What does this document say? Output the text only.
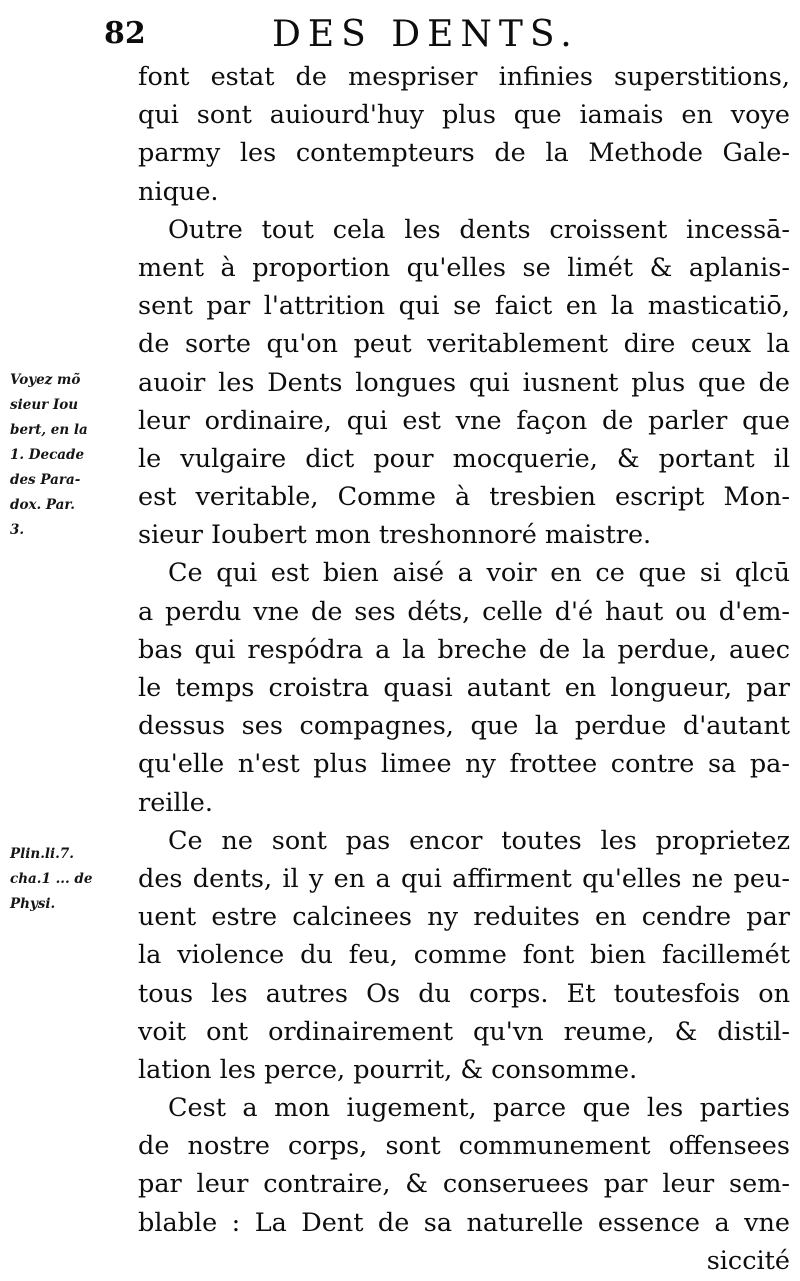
82	DES DENTS.
Voyez mõ
sieur Iou
bert, en la
1. Decade
des Para-
dox. Par.
3.
Plin.li.7.
cha.1 ... de
Physi.
font estat de mespriser infinies superstitions,
qui sont auiourd'huy plus que iamais en voye
parmy les contempteurs de la Methode Gale-
nique.
Outre tout cela les dents croissent incessā-
ment à proportion qu'elles se limét & aplanis-
sent par l'attrition qui se faict en la masticatiō,
de sorte qu'on peut veritablement dire ceux la
auoir les Dents longues qui iusnent plus que de
leur ordinaire, qui est vne façon de parler que
le vulgaire dict pour mocquerie, & portant il
est veritable, Comme à tresbien escript Mon-
sieur Ioubert mon treshonnoré maistre.
Ce qui est bien aisé a voir en ce que si qlcū
a perdu vne de ses déts, celle d'é haut ou d'em-
bas qui respódra a la breche de la perdue, auec
le temps croistra quasi autant en longueur, par
dessus ses compagnes, que la perdue d'autant
qu'elle n'est plus limee ny frottee contre sa pa-
reille.
Ce ne sont pas encor toutes les proprietez
des dents, il y en a qui affirment qu'elles ne peu-
uent estre calcinees ny reduites en cendre par
la violence du feu, comme font bien facillemét
tous les autres Os du corps. Et toutesfois on
voit ont ordinairement qu'vn reume, & distil-
lation les perce, pourrit, & consomme.
Cest a mon iugement, parce que les parties
de nostre corps, sont communement offensees
par leur contraire, & conseruees par leur sem-
blable : La Dent de sa naturelle essence a vne
siccité
